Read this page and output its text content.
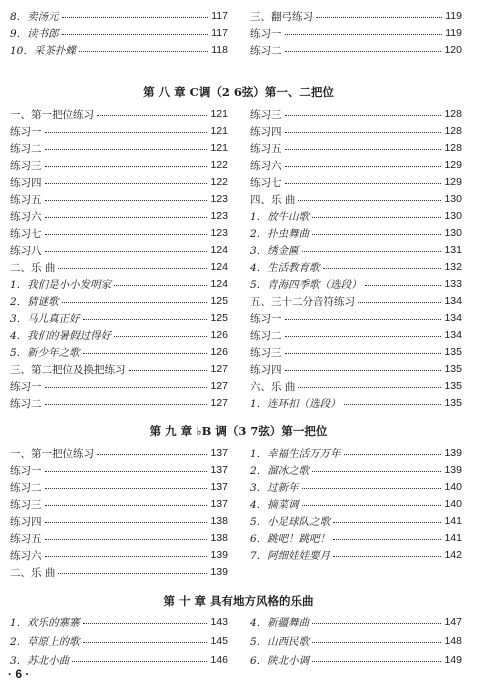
8．卖汤元	117
9．读书郎	117
10．采茶扑蝶	118
三、翻弓练习	119
练习一	119
练习二	120
第 八 章 C调（2 6弦）第一、二把位
一、第一把位练习	121
练习一	121
练习二	121
练习三	122
练习四	122
练习五	123
练习六	123
练习七	123
练习八	124
二、乐 曲	124
1．我们是小小发明家	124
2．猜谜歌	125
3．马儿真正好	125
4．我们的暑假过得好	126
5．新少年之歌	126
三、第二把位及换把练习	127
练习一	127
练习二	127
练习三	128
练习四	128
练习五	128
练习六	129
练习七	129
四、乐 曲	130
1．放牛山歌	130
2．扑虫舞曲	130
3．绣金匾	131
4．生活教育歌	132
5．青海四季歌（选段）	133
五、三十二分音符练习	134
练习一	134
练习二	134
练习三	135
练习四	135
六、乐 曲	135
1．连环扣（选段）	135
第 九 章 ♭B 调（3 7弦）第一把位
一、第一把位练习	137
练习一	137
练习二	137
练习三	137
练习四	138
练习五	138
练习六	139
二、乐 曲	139
1．幸福生活万万年	139
2．溜冰之歌	139
3．过新年	140
4．摘菜调	140
5．小足球队之歌	141
6．跳吧！跳吧！	141
7．阿细娃娃要月	142
第 十 章 具有地方风格的乐曲
1．欢乐的寨寨	143
2．草原上的歌	145
3．苏北小曲	146
4．新疆舞曲	147
5．山西民歌	148
6．陕北小调	149
· 6 ·
